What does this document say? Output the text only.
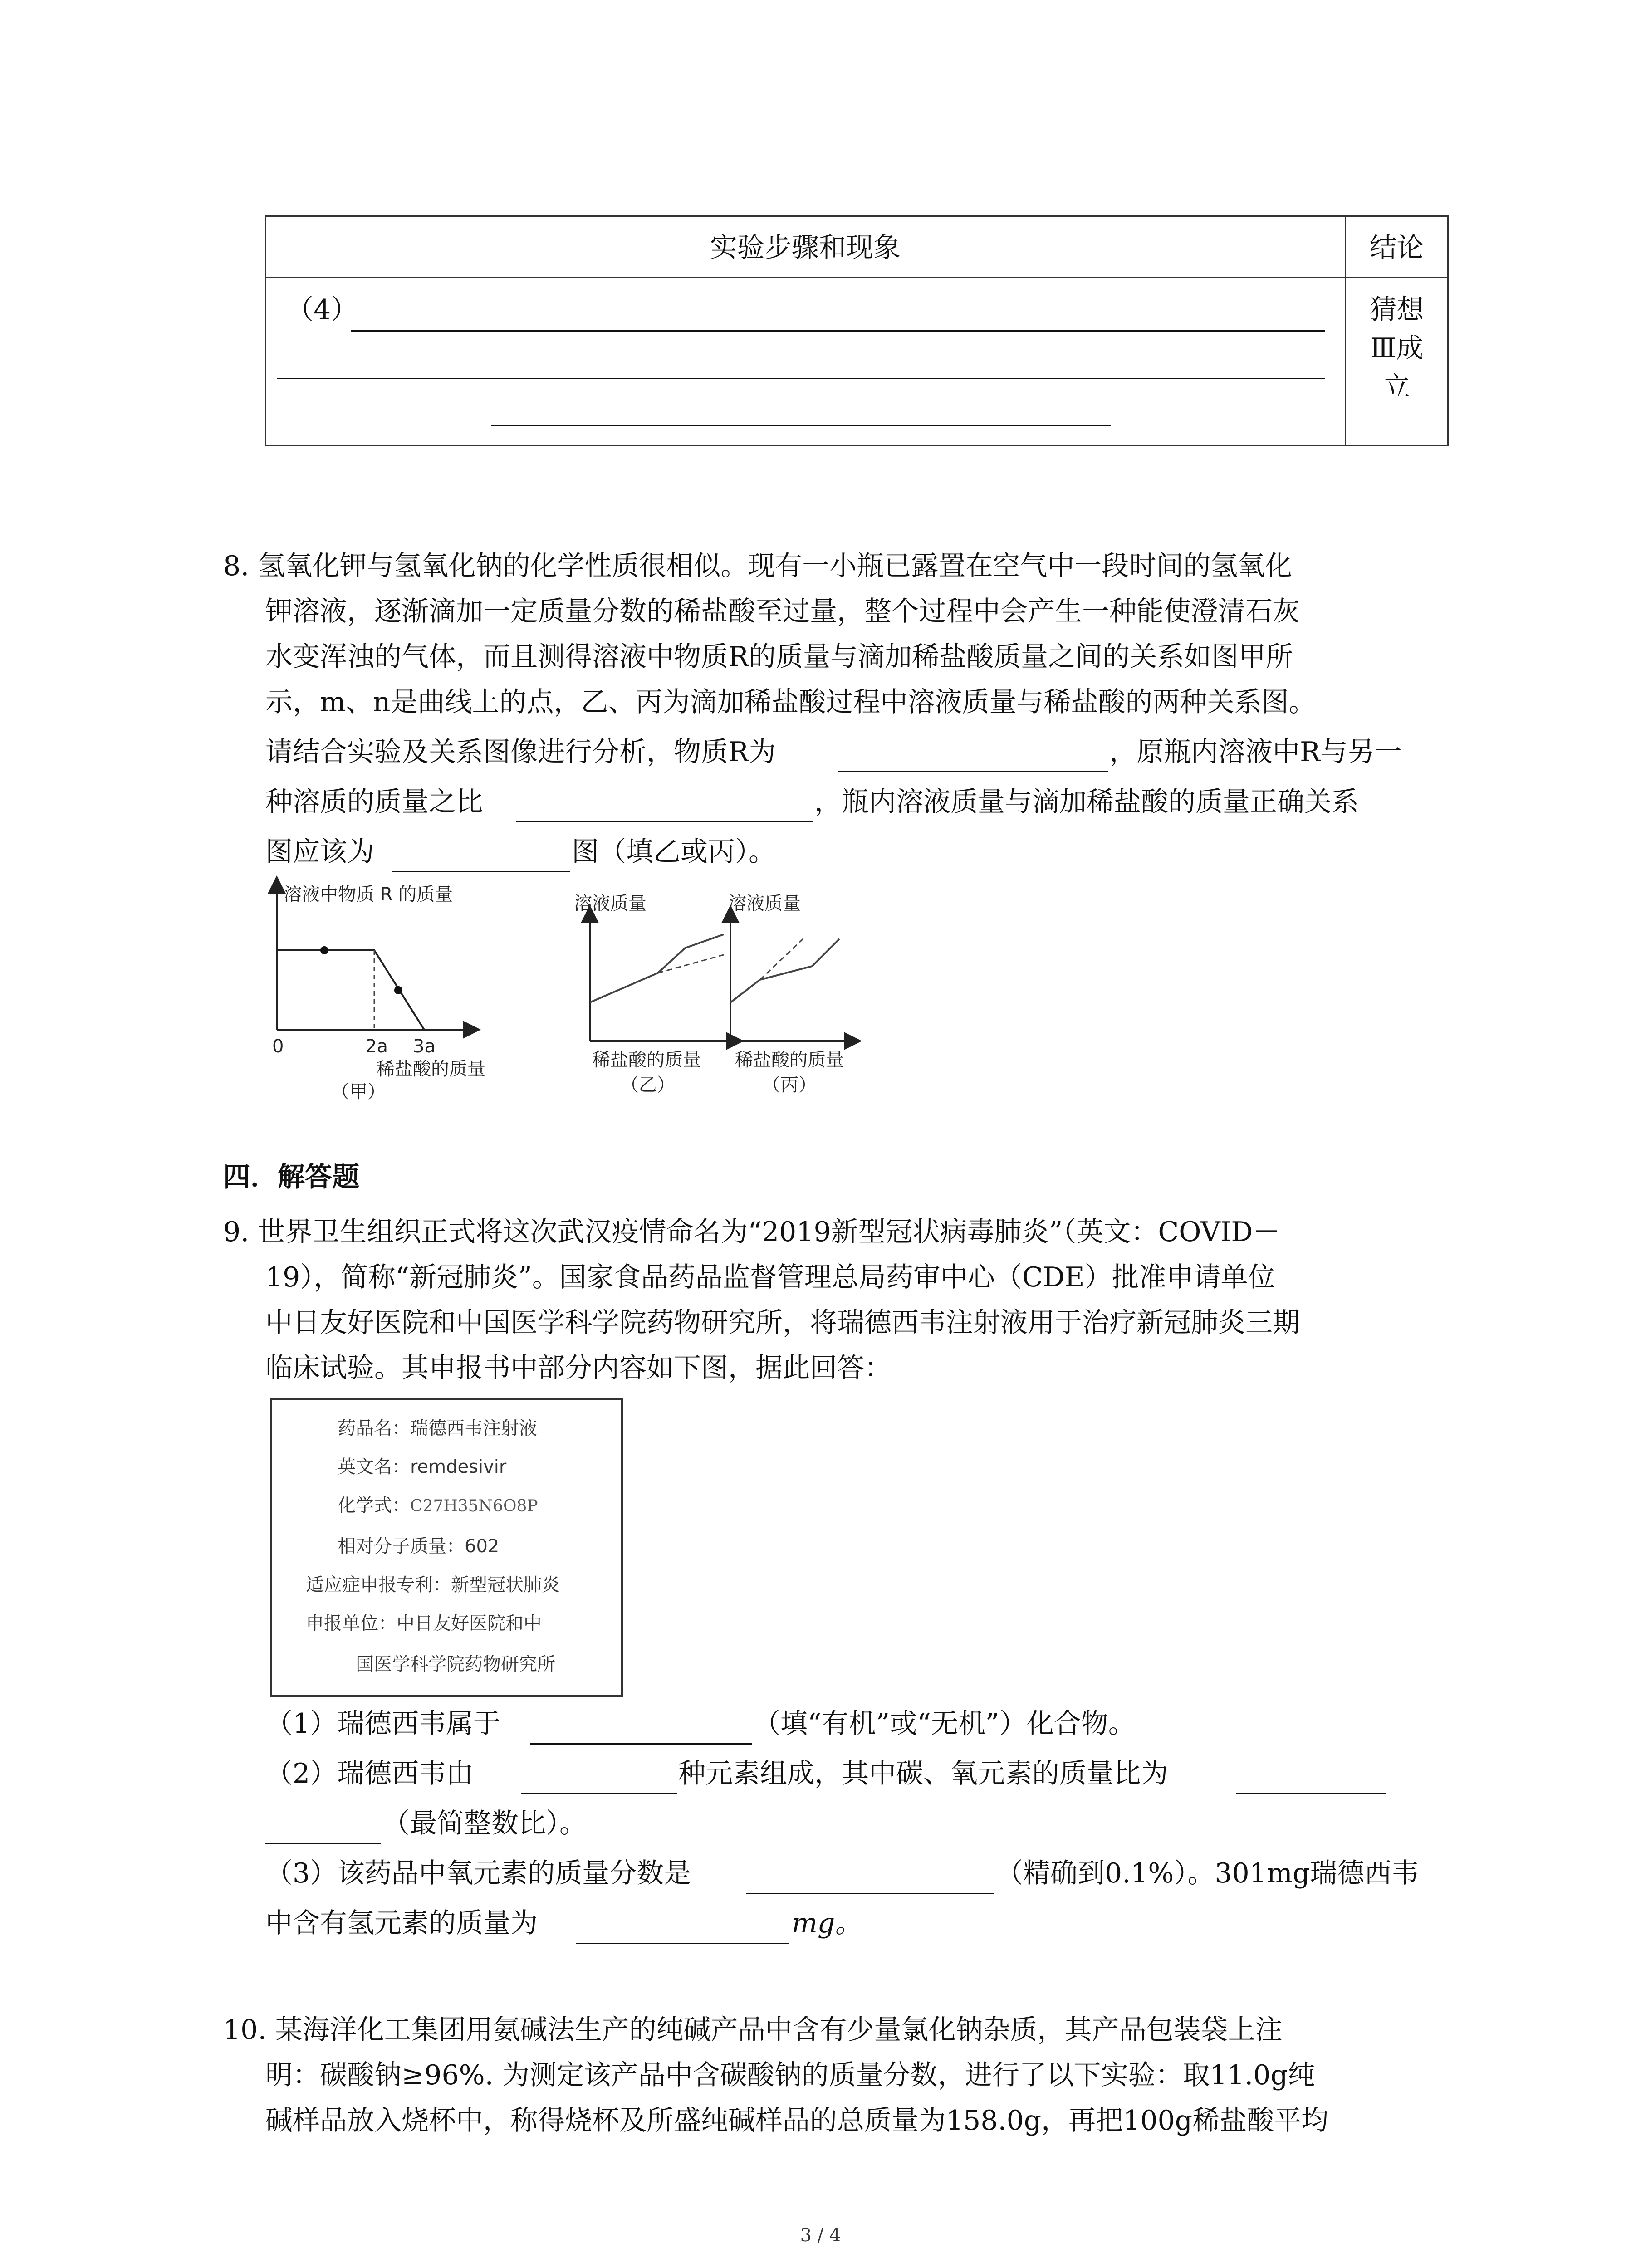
实验步骤和现象	结论

（4）	猜想
Ⅲ成
立
8. 氢氧化钾与氢氧化钠的化学性质很相似。现有一小瓶已露置在空气中一段时间的氢氧化
钾溶液，逐渐滴加一定质量分数的稀盐酸至过量，整个过程中会产生一种能使澄清石灰
水变浑浊的气体，而且测得溶液中物质R的质量与滴加稀盐酸质量之间的关系如图甲所
示，m、n是曲线上的点，乙、丙为滴加稀盐酸过程中溶液质量与稀盐酸的两种关系图。
请结合实验及关系图像进行分析，物质R为	，原瓶内溶液中R与另一
种溶质的质量之比	，瓶内溶液质量与滴加稀盐酸的质量正确关系
图应该为	图（填乙或丙）。
溶液中物质 R 的质量
0	2a 3a
稀盐酸的质量
（甲）
溶液质量
稀盐酸的质量
（乙）
溶液质量
稀盐酸的质量
（丙）
四．解答题
9. 世界卫生组织正式将这次武汉疫情命名为“2019新型冠状病毒肺炎”（英文：COVID－
19），简称“新冠肺炎”。国家食品药品监督管理总局药审中心（CDE）批准申请单位
中日友好医院和中国医学科学院药物研究所，将瑞德西韦注射液用于治疗新冠肺炎三期
临床试验。其申报书中部分内容如下图，据此回答：
药品名：瑞德西韦注射液
英文名：remdesivir
化学式：C27H35N6O8P
相对分子质量：602
适应症申报专利：新型冠状肺炎
申报单位：中日友好医院和中
国医学科学院药物研究所
（1）瑞德西韦属于	（填“有机”或“无机”）化合物。
（2）瑞德西韦由	种元素组成，其中碳、氧元素的质量比为
（最简整数比）。
（3）该药品中氧元素的质量分数是	（精确到0.1%）。301mg瑞德西韦
中含有氢元素的质量为	mg。
10. 某海洋化工集团用氨碱法生产的纯碱产品中含有少量氯化钠杂质，其产品包装袋上注
明：碳酸钠≥96%. 为测定该产品中含碳酸钠的质量分数，进行了以下实验：取11.0g纯
碱样品放入烧杯中，称得烧杯及所盛纯碱样品的总质量为158.0g，再把100g稀盐酸平均
3 / 4
